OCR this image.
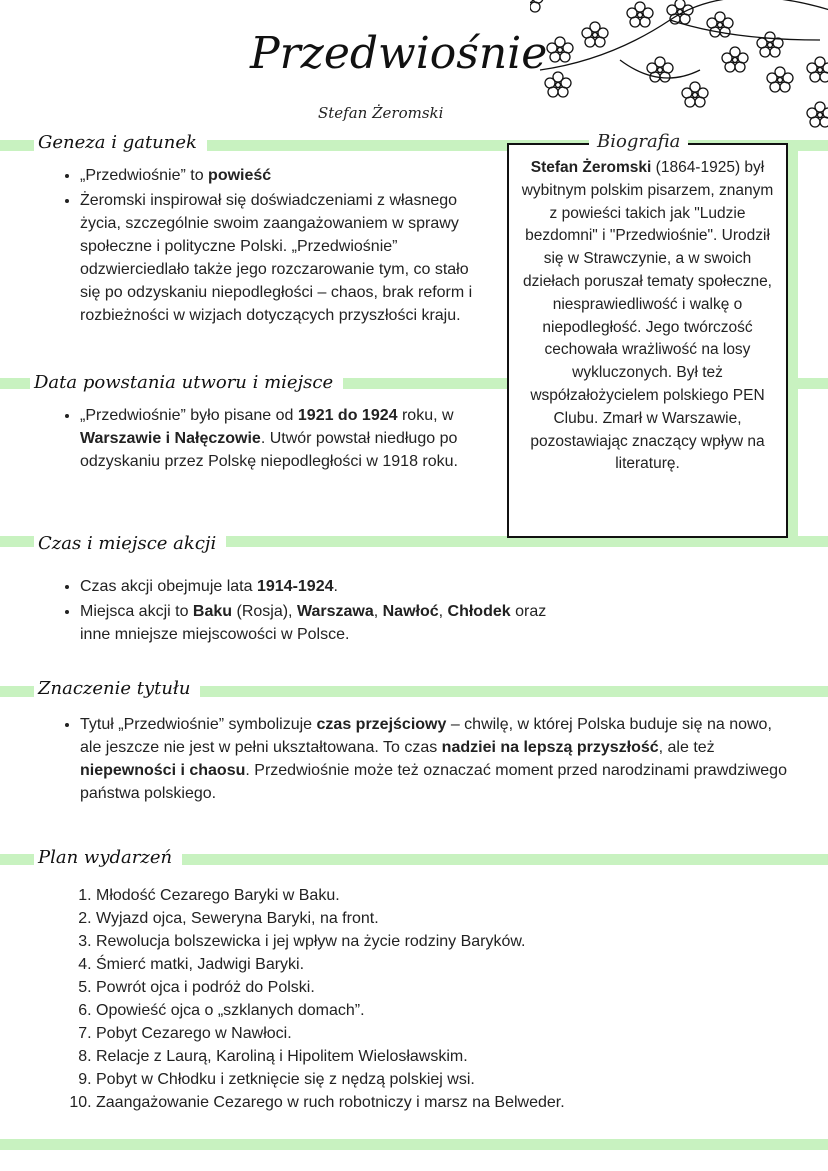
Przedwiośnie
Stefan Żeromski
Geneza i gatunek
• „Przedwiośnie” to powieść
• Żeromski inspirował się doświadczeniami z własnego życia, szczególnie swoim zaangażowaniem w sprawy społeczne i polityczne Polski. „Przedwiośnie” odzwierciedlało także jego rozczarowanie tym, co stało się po odzyskaniu niepodległości – chaos, brak reform i rozbieżności w wizjach dotyczących przyszłości kraju.
Data powstania utworu i miejsce
• „Przedwiośnie” było pisane od 1921 do 1924 roku, w Warszawie i Nałęczowie. Utwór powstał niedługo po odzyskaniu przez Polskę niepodległości w 1918 roku.
Czas i miejsce akcji
• Czas akcji obejmuje lata 1914-1924.
• Miejsca akcji to Baku (Rosja), Warszawa, Nawłoć, Chłodek oraz inne mniejsze miejscowości w Polsce.
Znaczenie tytułu
• Tytuł „Przedwiośnie” symbolizuje czas przejściowy – chwilę, w której Polska buduje się na nowo, ale jeszcze nie jest w pełni ukształtowana. To czas nadziei na lepszą przyszłość, ale też niepewności i chaosu. Przedwiośnie może też oznaczać moment przed narodzinami prawdziwego państwa polskiego.
Plan wydarzeń
1. Młodość Cezarego Baryki w Baku.
2. Wyjazd ojca, Seweryna Baryki, na front.
3. Rewolucja bolszewicka i jej wpływ na życie rodziny Baryków.
4. Śmierć matki, Jadwigi Baryki.
5. Powrót ojca i podróż do Polski.
6. Opowieść ojca o „szklanych domach”.
7. Pobyt Cezarego w Nawłoci.
8. Relacje z Laurą, Karoliną i Hipolitem Wielosławskim.
9. Pobyt w Chłodku i zetknięcie się z nędzą polskiej wsi.
10. Zaangażowanie Cezarego w ruch robotniczy i marsz na Belweder.
Stefan Żeromski (1864-1925) był wybitnym polskim pisarzem, znanym z powieści takich jak "Ludzie bezdomni" i "Przedwiośnie". Urodził się w Strawczynie, a w swoich dziełach poruszał tematy społeczne, niesprawiedliwość i walkę o niepodległość. Jego twórczość cechowała wrażliwość na losy wykluczonych. Był też współzałożycielem polskiego PEN Clubu. Zmarł w Warszawie, pozostawiając znaczący wpływ na literaturę.
Biografia
